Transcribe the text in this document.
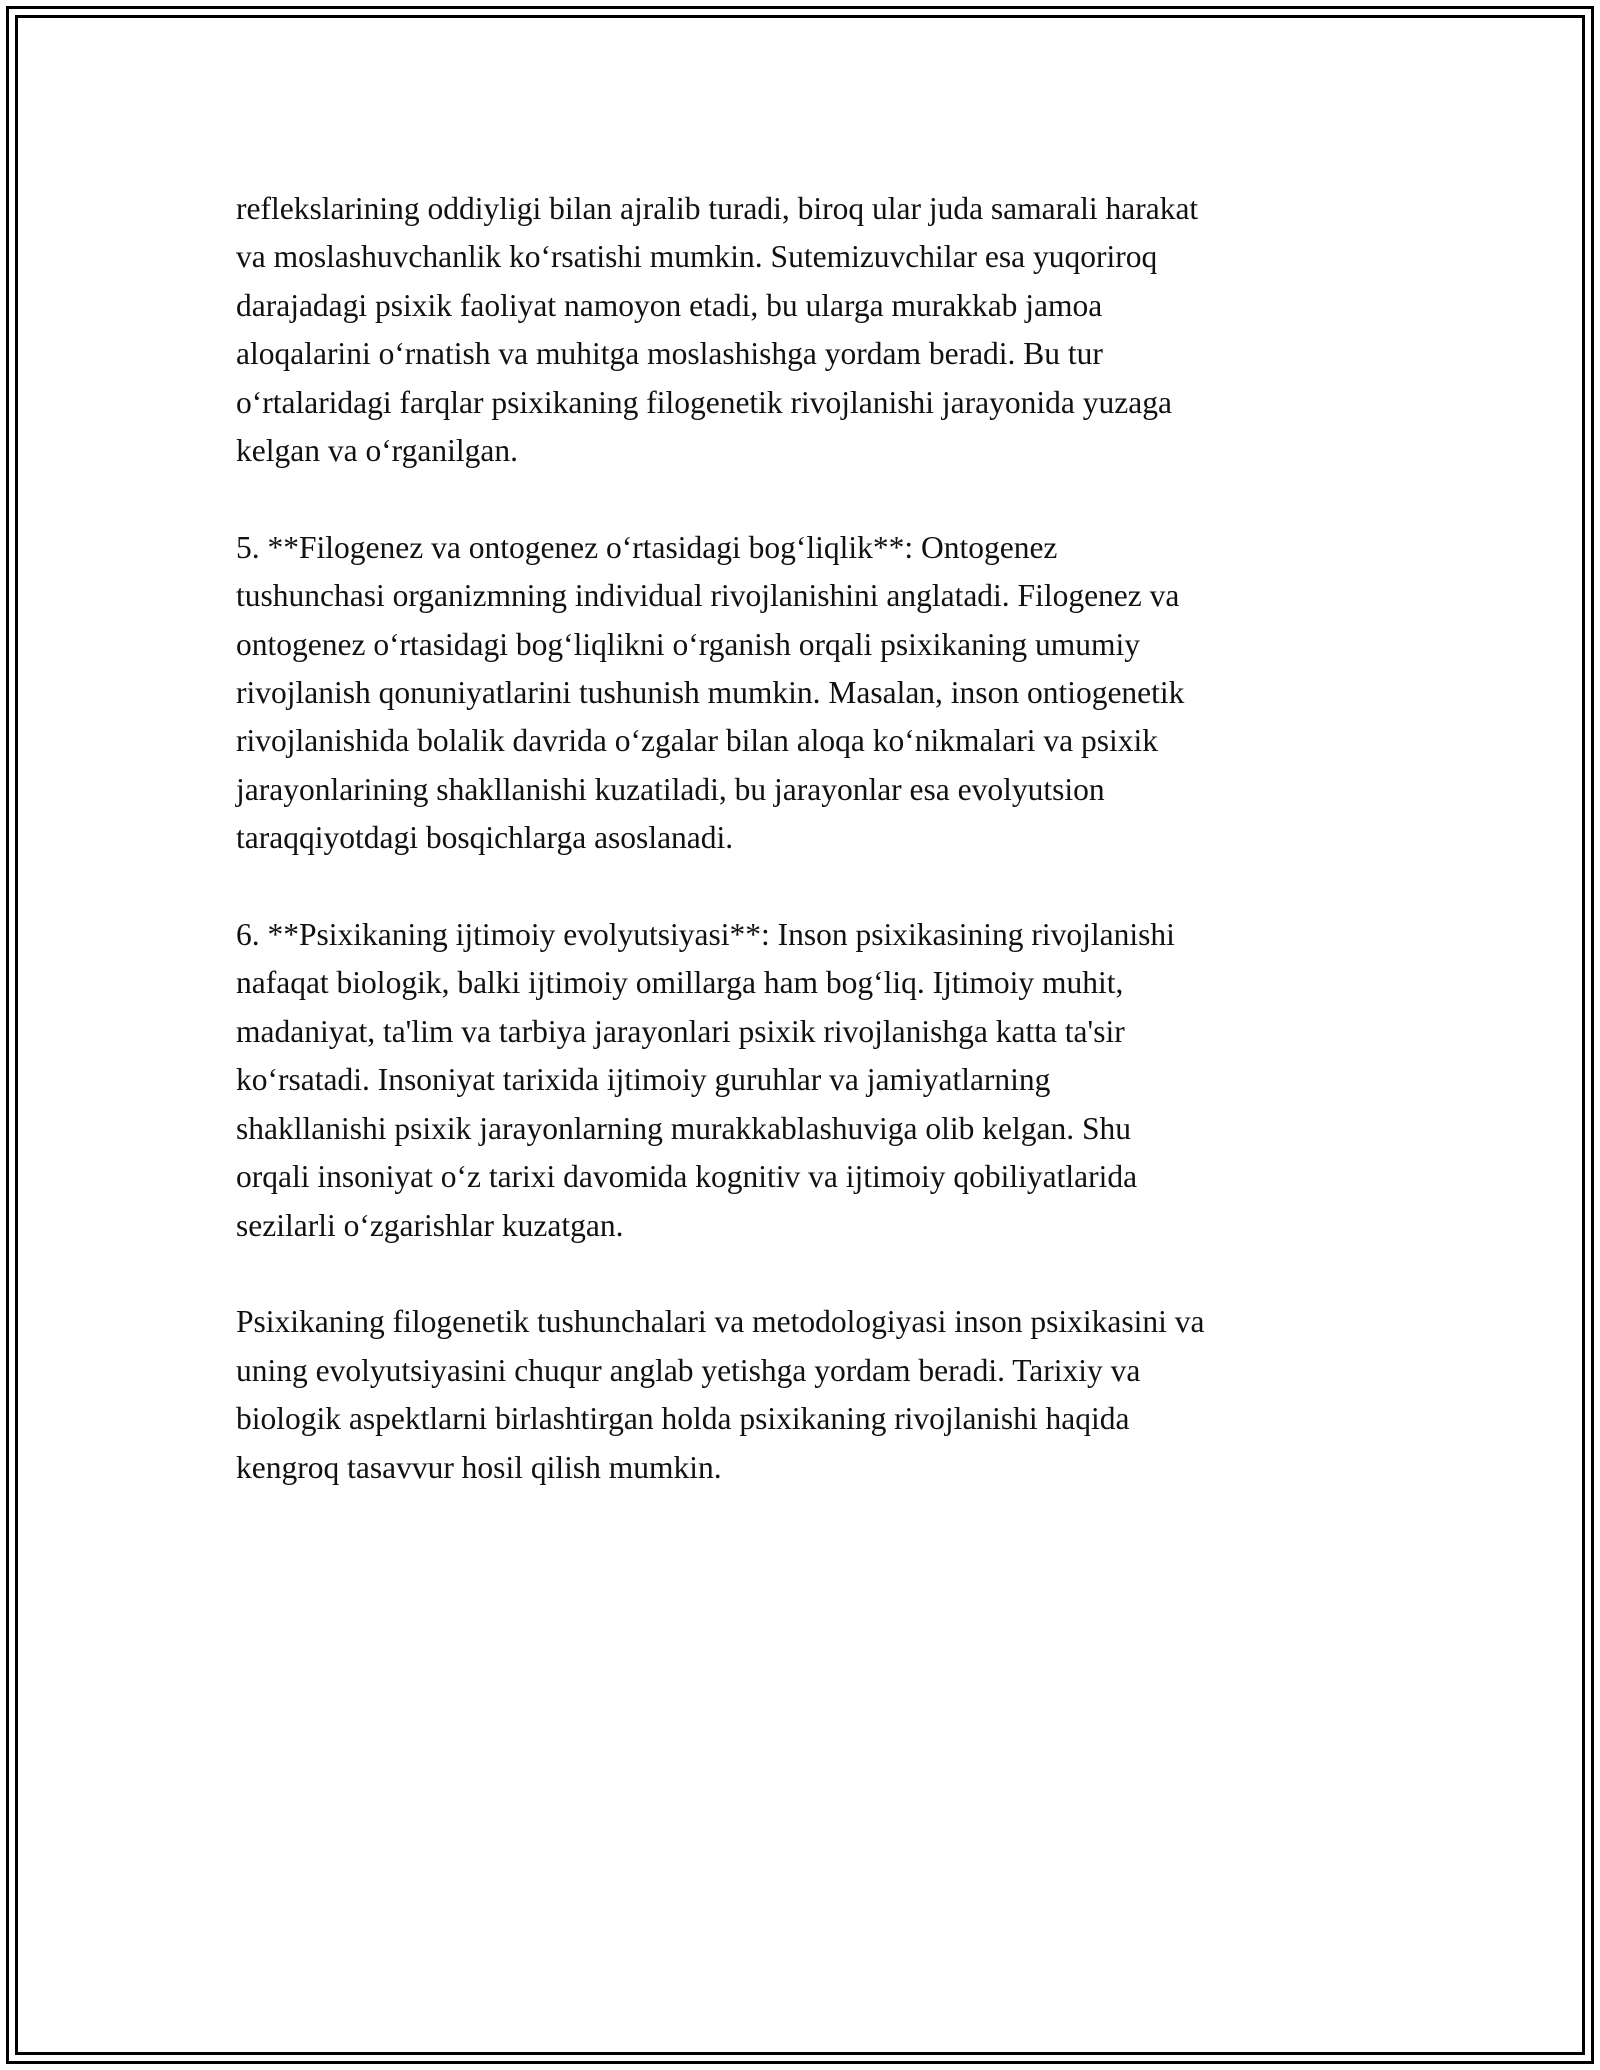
reflekslarining oddiyligi bilan ajralib turadi, biroq ular juda samarali harakat
va moslashuvchanlik ko‘rsatishi mumkin. Sutemizuvchilar esa yuqoriroq
darajadagi psixik faoliyat namoyon etadi, bu ularga murakkab jamoa
aloqalarini o‘rnatish va muhitga moslashishga yordam beradi. Bu tur
o‘rtalaridagi farqlar psixikaning filogenetik rivojlanishi jarayonida yuzaga
kelgan va o‘rganilgan.

5. **Filogenez va ontogenez o‘rtasidagi bog‘liqlik**: Ontogenez
tushunchasi organizmning individual rivojlanishini anglatadi. Filogenez va
ontogenez o‘rtasidagi bog‘liqlikni o‘rganish orqali psixikaning umumiy
rivojlanish qonuniyatlarini tushunish mumkin. Masalan, inson ontiogenetik
rivojlanishida bolalik davrida o‘zgalar bilan aloqa ko‘nikmalari va psixik
jarayonlarining shakllanishi kuzatiladi, bu jarayonlar esa evolyutsion
taraqqiyotdagi bosqichlarga asoslanadi.

6. **Psixikaning ijtimoiy evolyutsiyasi**: Inson psixikasining rivojlanishi
nafaqat biologik, balki ijtimoiy omillarga ham bog‘liq. Ijtimoiy muhit,
madaniyat, ta'lim va tarbiya jarayonlari psixik rivojlanishga katta ta'sir
ko‘rsatadi. Insoniyat tarixida ijtimoiy guruhlar va jamiyatlarning
shakllanishi psixik jarayonlarning murakkablashuviga olib kelgan. Shu
orqali insoniyat o‘z tarixi davomida kognitiv va ijtimoiy qobiliyatlarida
sezilarli o‘zgarishlar kuzatgan.

Psixikaning filogenetik tushunchalari va metodologiyasi inson psixikasini va
uning evolyutsiyasini chuqur anglab yetishga yordam beradi. Tarixiy va
biologik aspektlarni birlashtirgan holda psixikaning rivojlanishi haqida
kengroq tasavvur hosil qilish mumkin.
